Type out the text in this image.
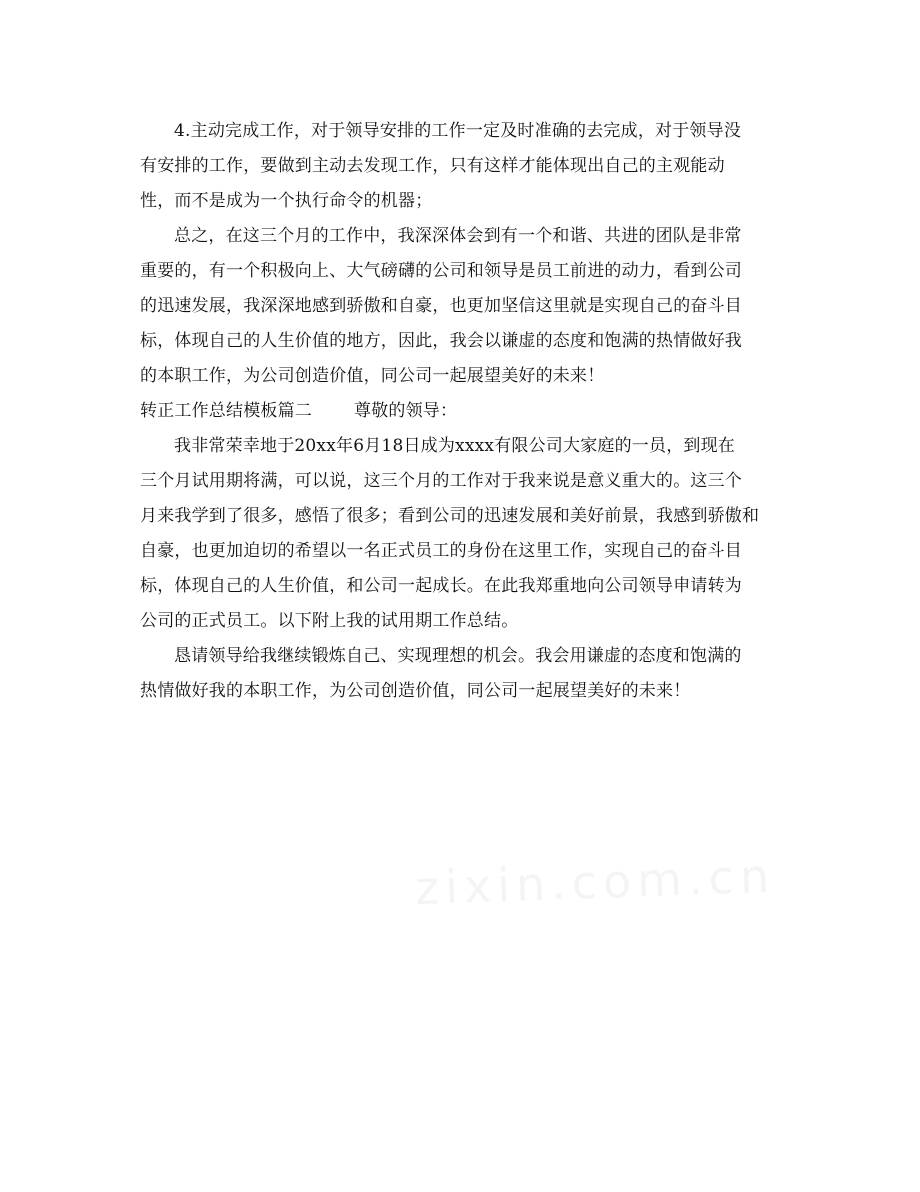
4.主动完成工作，对于领导安排的工作一定及时准确的去完成，对于领导没
有安排的工作，要做到主动去发现工作，只有这样才能体现出自己的主观能动
性，而不是成为一个执行命令的机器；
总之，在这三个月的工作中，我深深体会到有一个和谐、共进的团队是非常
重要的，有一个积极向上、大气磅礴的公司和领导是员工前进的动力，看到公司
的迅速发展，我深深地感到骄傲和自豪，也更加坚信这里就是实现自己的奋斗目
标，体现自己的人生价值的地方，因此，我会以谦虚的态度和饱满的热情做好我
的本职工作，为公司创造价值，同公司一起展望美好的未来！
转正工作总结模板篇二 尊敬的领导：
我非常荣幸地于20xx年6月18日成为xxxx有限公司大家庭的一员，到现在
三个月试用期将满，可以说，这三个月的工作对于我来说是意义重大的。这三个
月来我学到了很多，感悟了很多；看到公司的迅速发展和美好前景，我感到骄傲和
自豪，也更加迫切的希望以一名正式员工的身份在这里工作，实现自己的奋斗目
标，体现自己的人生价值，和公司一起成长。在此我郑重地向公司领导申请转为
公司的正式员工。以下附上我的试用期工作总结。
恳请领导给我继续锻炼自己、实现理想的机会。我会用谦虚的态度和饱满的
热情做好我的本职工作，为公司创造价值，同公司一起展望美好的未来！
zixin.com.cn
